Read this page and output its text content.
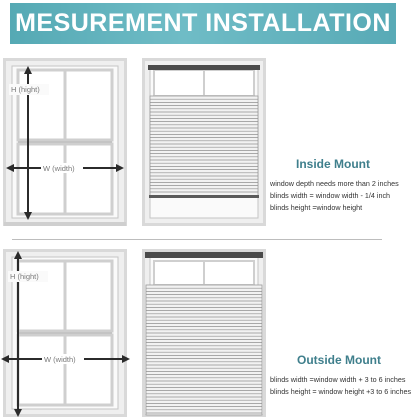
MESUREMENT INSTALLATION
H (hight)
W (width)	Inside Mount
window depth needs more than 2 inches
blinds width = window width - 1/4 inch
blinds height =window height
H (hight)
W (width)	Outside Mount
blinds width =window width + 3 to 6 inches
blinds height = window height +3 to 6 inches
